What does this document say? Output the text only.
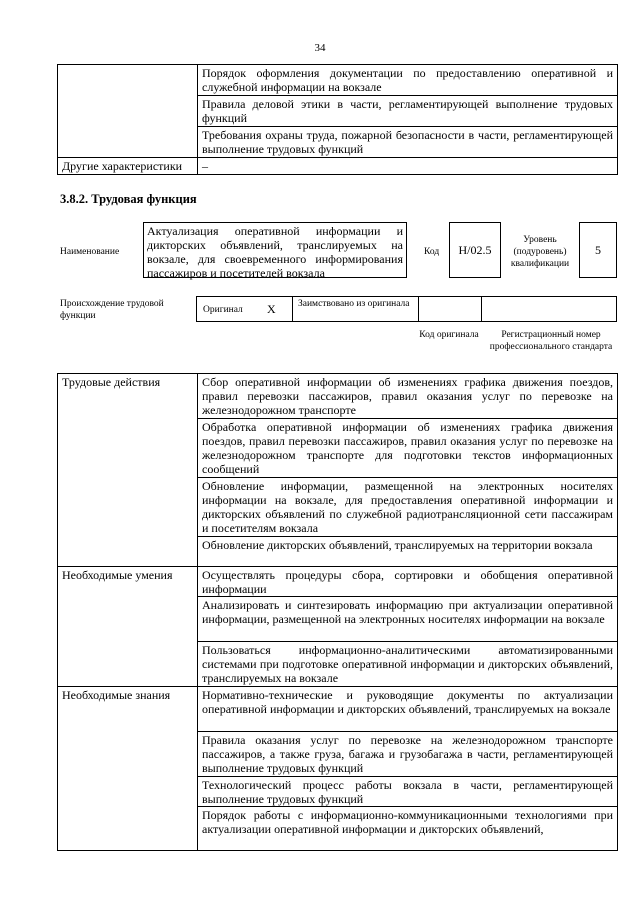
34
	Порядок оформления документации по предоставлению оперативной и служебной информации на вокзале
	Правила деловой этики в части, регламентирующей выполнение трудовых функций
	Требования охраны труда, пожарной безопасности в части, регламентирующей выполнение трудовых функций
Другие характеристики	–
3.8.2. Трудовая функция
Наименование
Актуализация оперативной информации и дикторских объявлений, транслируемых на вокзале, для своевременного информирования пассажиров и посетителей вокзала
Код	Н/02.5
Уровень (подуровень) квалификации
5
Происхождение трудовой функции
Оригинал X Заимствовано из оригинала
Код оригинала	Регистрационный номер профессионального стандарта
Трудовые действия	Сбор оперативной информации об изменениях графика движения поездов, правил перевозки пассажиров, правил оказания услуг по перевозке на железнодорожном транспорте
	Обработка оперативной информации об изменениях графика движения поездов, правил перевозки пассажиров, правил оказания услуг по перевозке на железнодорожном транспорте для подготовки текстов информационных сообщений
	Обновление информации, размещенной на электронных носителях информации на вокзале, для предоставления оперативной информации и дикторских объявлений по служебной радиотрансляционной сети пассажирам и посетителям вокзала
	Обновление дикторских объявлений, транслируемых на территории вокзала
Необходимые умения	Осуществлять процедуры сбора, сортировки и обобщения оперативной информации
	Анализировать и синтезировать информацию при актуализации оперативной информации, размещенной на электронных носителях информации на вокзале
	Пользоваться информационно-аналитическими автоматизированными системами при подготовке оперативной информации и дикторских объявлений, транслируемых на вокзале
Необходимые знания	Нормативно-технические и руководящие документы по актуализации оперативной информации и дикторских объявлений, транслируемых на вокзале
	Правила оказания услуг по перевозке на железнодорожном транспорте пассажиров, а также груза, багажа и грузобагажа в части, регламентирующей выполнение трудовых функций
	Технологический процесс работы вокзала в части, регламентирующей выполнение трудовых функций
	Порядок работы с информационно-коммуникационными технологиями при актуализации оперативной информации и дикторских объявлений,
